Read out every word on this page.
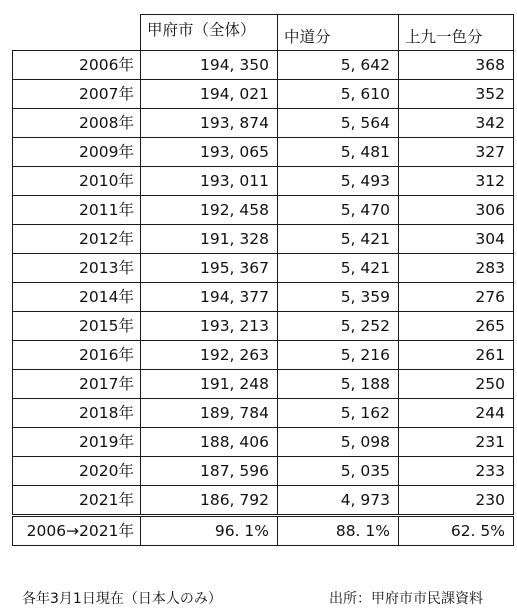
	甲府市（全体）	中道分	上九一色分
2006年	194, 350	5, 642	368
2007年	194, 021	5, 610	352
2008年	193, 874	5, 564	342
2009年	193, 065	5, 481	327
2010年	193, 011	5, 493	312
2011年	192, 458	5, 470	306
2012年	191, 328	5, 421	304
2013年	195, 367	5, 421	283
2014年	194, 377	5, 359	276
2015年	193, 213	5, 252	265
2016年	192, 263	5, 216	261
2017年	191, 248	5, 188	250
2018年	189, 784	5, 162	244
2019年	188, 406	5, 098	231
2020年	187, 596	5, 035	233
2021年	186, 792	4, 973	230
2006→2021年	96. 1%	88. 1%	62. 5%
各年3月1日現在（日本人のみ）	出所：甲府市市民課資料
